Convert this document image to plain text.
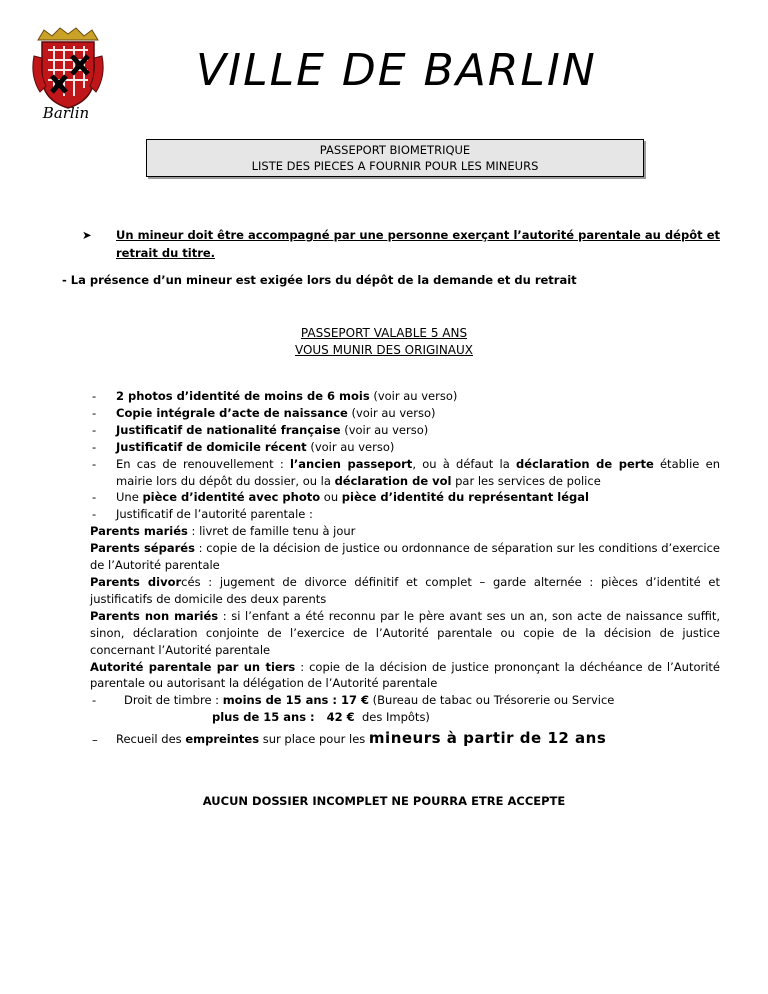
Barlin
VILLE DE BARLIN
PASSEPORT BIOMETRIQUE
LISTE DES PIECES A FOURNIR POUR LES MINEURS
➤	Un mineur doit être accompagné par une personne exerçant l’autorité parentale au dépôt et retrait du titre.
- La présence d’un mineur est exigée lors du dépôt de la demande et du retrait
PASSEPORT VALABLE 5 ANS
VOUS MUNIR DES ORIGINAUX
- 2 photos d’identité de moins de 6 mois (voir au verso)
- Copie intégrale d’acte de naissance (voir au verso)
- Justificatif de nationalité française (voir au verso)
- Justificatif de domicile récent (voir au verso)
- En cas de renouvellement : l’ancien passeport, ou à défaut la déclaration de perte établie en mairie lors du dépôt du dossier, ou la déclaration de vol par les services de police
- Une pièce d’identité avec photo ou pièce d’identité du représentant légal
- Justificatif de l’autorité parentale :
Parents mariés : livret de famille tenu à jour
Parents séparés : copie de la décision de justice ou ordonnance de séparation sur les conditions d’exercice de l’Autorité parentale
Parents divorcés : jugement de divorce définitif et complet – garde alternée : pièces d’identité et justificatifs de domicile des deux parents
Parents non mariés : si l’enfant a été reconnu par le père avant ses un an, son acte de naissance suffit, sinon, déclaration conjointe de l’exercice de l’Autorité parentale ou copie de la décision de justice concernant l’Autorité parentale
Autorité parentale par un tiers : copie de la décision de justice prononçant la déchéance de l’Autorité parentale ou autorisant la délégation de l’Autorité parentale
- Droit de timbre : moins de 15 ans : 17 € (Bureau de tabac ou Trésorerie ou Service
plus de 15 ans :   42 €  des Impôts)
– Recueil des empreintes sur place pour les mineurs à partir de 12 ans
AUCUN DOSSIER INCOMPLET NE POURRA ETRE ACCEPTE
